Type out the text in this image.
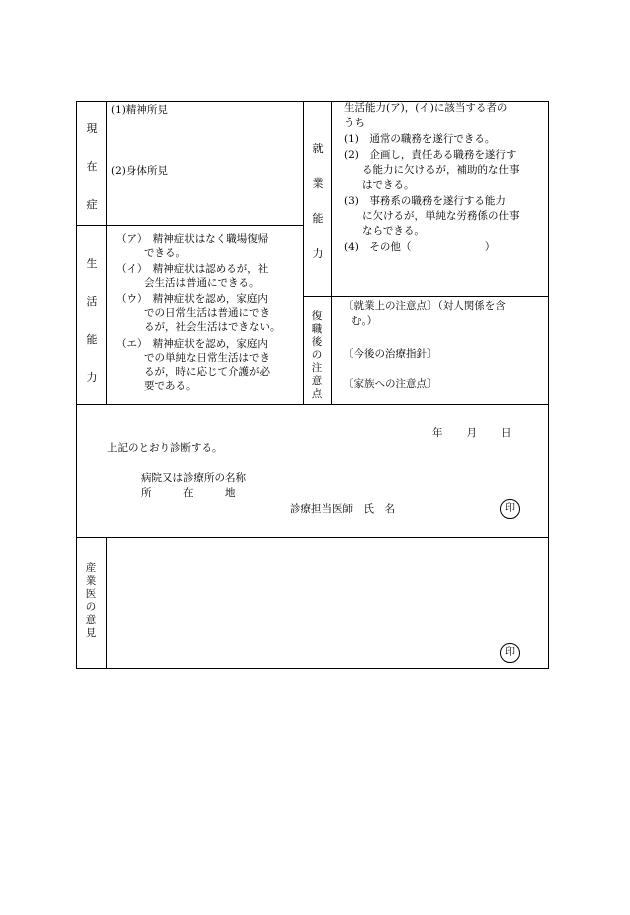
現
在
症
(1)精神所見
(2)身体所見
生
活
能
力
（ア）　精神症状はなく職場復帰
できる。
（イ）　精神症状は認めるが，社
会生活は普通にできる。
（ウ）　精神症状を認め，家庭内
での日常生活は普通にでき
るが，社会生活はできない。
（エ）　精神症状を認め，家庭内
での単純な日常生活はでき
るが，時に応じて介護が必
要である。
就
業
能
力
生活能力(ア)，(イ)に該当する者の
うち
(1)　通常の職務を遂行できる。
(2)　企画し，責任ある職務を遂行す
る能力に欠けるが，補助的な仕事
はできる。
(3)　事務系の職務を遂行する能力
に欠けるが，単純な労務係の仕事
ならできる。
(4)　その他（　　　　　　　）
復職後の注意点
〔就業上の注意点〕（対人関係を含
む。）
〔今後の治療指針〕
〔家族への注意点〕
年　　月　　日
上記のとおり診断する。
病院又は診療所の名称
所　　　在　　　地
診療担当医師　氏　名	印
産業医の意見
印
